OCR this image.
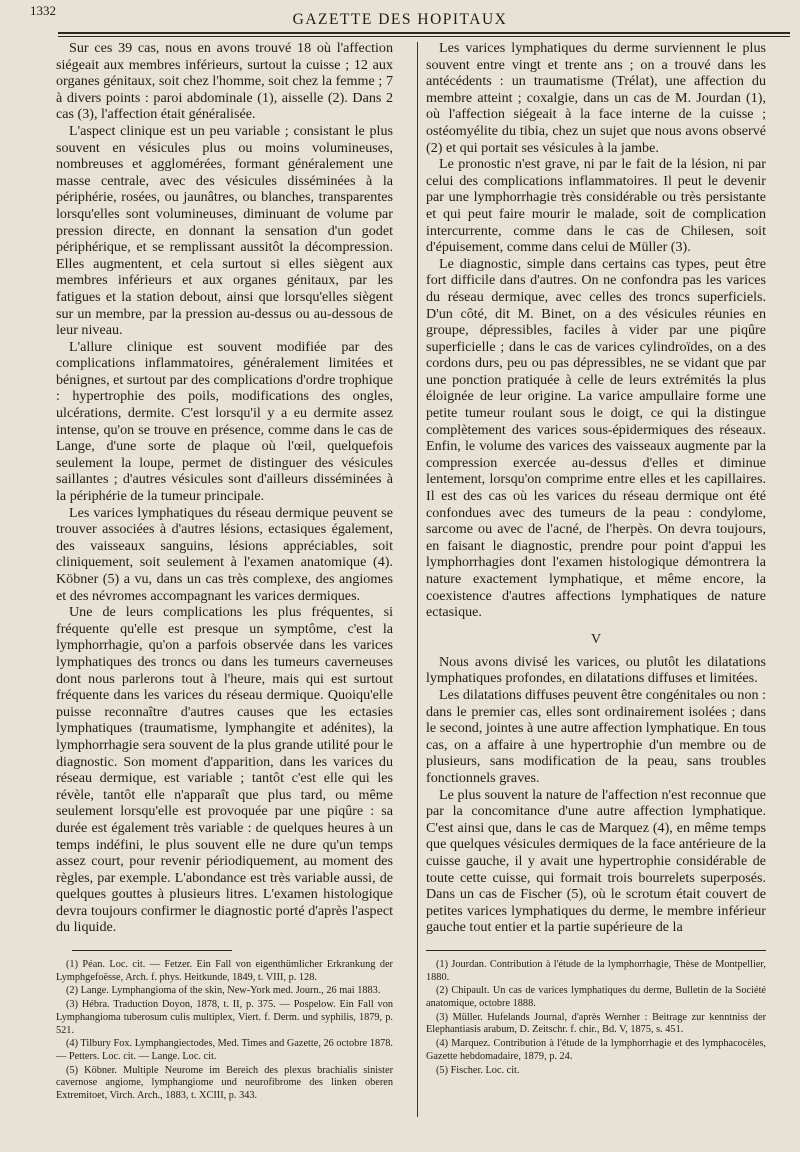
1332
GAZETTE DES HOPITAUX

Sur ces 39 cas, nous en avons trouvé 18 où l'affection siégeait aux membres inférieurs, surtout la cuisse ; 12 aux organes génitaux, soit chez l'homme, soit chez la femme ; 7 à divers points : paroi abdominale (1), aisselle (2). Dans 2 cas (3), l'affection était généralisée.

L'aspect clinique est un peu variable ; consistant le plus souvent en vésicules plus ou moins volumineuses, nombreuses et agglomérées, formant généralement une masse centrale, avec des vésicules disséminées à la périphérie, rosées, ou jaunâtres, ou blanches, transparentes lorsqu'elles sont volumineuses, diminuant de volume par pression directe, en donnant la sensation d'un godet périphérique, et se remplissant aussitôt la décompression. Elles augmentent, et cela surtout si elles siègent aux membres inférieurs et aux organes génitaux, par les fatigues et la station debout, ainsi que lorsqu'elles siègent sur un membre, par la pression au-dessus ou au-dessous de leur niveau.

L'allure clinique est souvent modifiée par des complications inflammatoires, généralement limitées et bénignes, et surtout par des complications d'ordre trophique : hypertrophie des poils, modifications des ongles, ulcérations, dermite. C'est lorsqu'il y a eu dermite assez intense, qu'on se trouve en présence, comme dans le cas de Lange, d'une sorte de plaque où l'œil, quelquefois seulement la loupe, permet de distinguer des vésicules saillantes ; d'autres vésicules sont d'ailleurs disséminées à la périphérie de la tumeur principale.

Les varices lymphatiques du réseau dermique peuvent se trouver associées à d'autres lésions, ectasiques également, des vaisseaux sanguins, lésions appréciables, soit cliniquement, soit seulement à l'examen anatomique (4). Köbner (5) a vu, dans un cas très complexe, des angiomes et des névromes accompagnant les varices dermiques.

Une de leurs complications les plus fréquentes, si fréquente qu'elle est presque un symptôme, c'est la lymphorrhagie, qu'on a parfois observée dans les varices lymphatiques des troncs ou dans les tumeurs caverneuses dont nous parlerons tout à l'heure, mais qui est surtout fréquente dans les varices du réseau dermique. Quoiqu'elle puisse reconnaître d'autres causes que les ectasies lymphatiques (traumatisme, lymphangite et adénites), la lymphorrhagie sera souvent de la plus grande utilité pour le diagnostic. Son moment d'apparition, dans les varices du réseau dermique, est variable ; tantôt c'est elle qui les révèle, tantôt elle n'apparaît que plus tard, ou même seulement lorsqu'elle est provoquée par une piqûre : sa durée est également très variable : de quelques heures à un temps indéfini, le plus souvent elle ne dure qu'un temps assez court, pour revenir périodiquement, au moment des règles, par exemple. L'abondance est très variable aussi, de quelques gouttes à plusieurs litres. L'examen histologique devra toujours confirmer le diagnostic porté d'après l'aspect du liquide.

(1) Péan. Loc. cit. — Fetzer. Ein Fall von eigenthümlicher Erkrankung der Lymphgefoësse, Arch. f. phys. Heitkunde, 1849, t. VIII, p. 128.

(2) Lange. Lymphangioma of the skin, New-York med. Journ., 26 mai 1883.

(3) Hébra. Traduction Doyon, 1878, t. II, p. 375. — Pospelow. Ein Fall von Lymphangioma tuberosum culis multiplex, Viert. f. Derm. und syphilis, 1879, p. 521.

(4) Tilbury Fox. Lymphangiectodes, Med. Times and Gazette, 26 octobre 1878. — Petters. Loc. cit. — Lange. Loc. cit.

(5) Köbner. Multiple Neurome im Bereich des plexus brachialis sinister cavernose angiome, lymphangiome und neurofibrome des linken oberen Extremitoet, Virch. Arch., 1883, t. XCIII, p. 343.

Les varices lymphatiques du derme surviennent le plus souvent entre vingt et trente ans ; on a trouvé dans les antécédents : un traumatisme (Trélat), une affection du membre atteint ; coxalgie, dans un cas de M. Jourdan (1), où l'affection siégeait à la face interne de la cuisse ; ostéomyélite du tibia, chez un sujet que nous avons observé (2) et qui portait ses vésicules à la jambe.

Le pronostic n'est grave, ni par le fait de la lésion, ni par celui des complications inflammatoires. Il peut le devenir par une lymphorrhagie très considérable ou très persistante et qui peut faire mourir le malade, soit de complication intercurrente, comme dans le cas de Chilesen, soit d'épuisement, comme dans celui de Müller (3).

Le diagnostic, simple dans certains cas types, peut être fort difficile dans d'autres. On ne confondra pas les varices du réseau dermique, avec celles des troncs superficiels. D'un côté, dit M. Binet, on a des vésicules réunies en groupe, dépressibles, faciles à vider par une piqûre superficielle ; dans le cas de varices cylindroïdes, on a des cordons durs, peu ou pas dépressibles, ne se vidant que par une ponction pratiquée à celle de leurs extrémités la plus éloignée de leur origine. La varice ampullaire forme une petite tumeur roulant sous le doigt, ce qui la distingue complètement des varices sous-épidermiques des réseaux. Enfin, le volume des varices des vaisseaux augmente par la compression exercée au-dessus d'elles et diminue lentement, lorsqu'on comprime entre elles et les capillaires. Il est des cas où les varices du réseau dermique ont été confondues avec des tumeurs de la peau : condylome, sarcome ou avec de l'acné, de l'herpès. On devra toujours, en faisant le diagnostic, prendre pour point d'appui les lymphorrhagies dont l'examen histologique démontrera la nature exactement lymphatique, et même encore, la coexistence d'autres affections lymphatiques de nature ectasique.

V

Nous avons divisé les varices, ou plutôt les dilatations lymphatiques profondes, en dilatations diffuses et limitées.

Les dilatations diffuses peuvent être congénitales ou non : dans le premier cas, elles sont ordinairement isolées ; dans le second, jointes à une autre affection lymphatique. En tous cas, on a affaire à une hypertrophie d'un membre ou de plusieurs, sans modification de la peau, sans troubles fonctionnels graves.

Le plus souvent la nature de l'affection n'est reconnue que par la concomitance d'une autre affection lymphatique. C'est ainsi que, dans le cas de Marquez (4), en même temps que quelques vésicules dermiques de la face antérieure de la cuisse gauche, il y avait une hypertrophie considérable de toute cette cuisse, qui formait trois bourrelets superposés. Dans un cas de Fischer (5), où le scrotum était couvert de petites varices lymphatiques du derme, le membre inférieur gauche tout entier et la partie supérieure de la

(1) Jourdan. Contribution à l'étude de la lymphorrhagie, Thèse de Montpellier, 1880.

(2) Chipault. Un cas de varices lymphatiques du derme, Bulletin de la Société anatomique, octobre 1888.

(3) Müller. Hufelands Journal, d'après Wernher : Beitrage zur kenntniss der Elephantiasis arabum, D. Zeitschr. f. chir., Bd. V, 1875, s. 451.

(4) Marquez. Contribution à l'étude de la lymphorrhagie et des lymphacocèles, Gazette hebdomadaire, 1879, p. 24.

(5) Fischer. Loc. cit.
